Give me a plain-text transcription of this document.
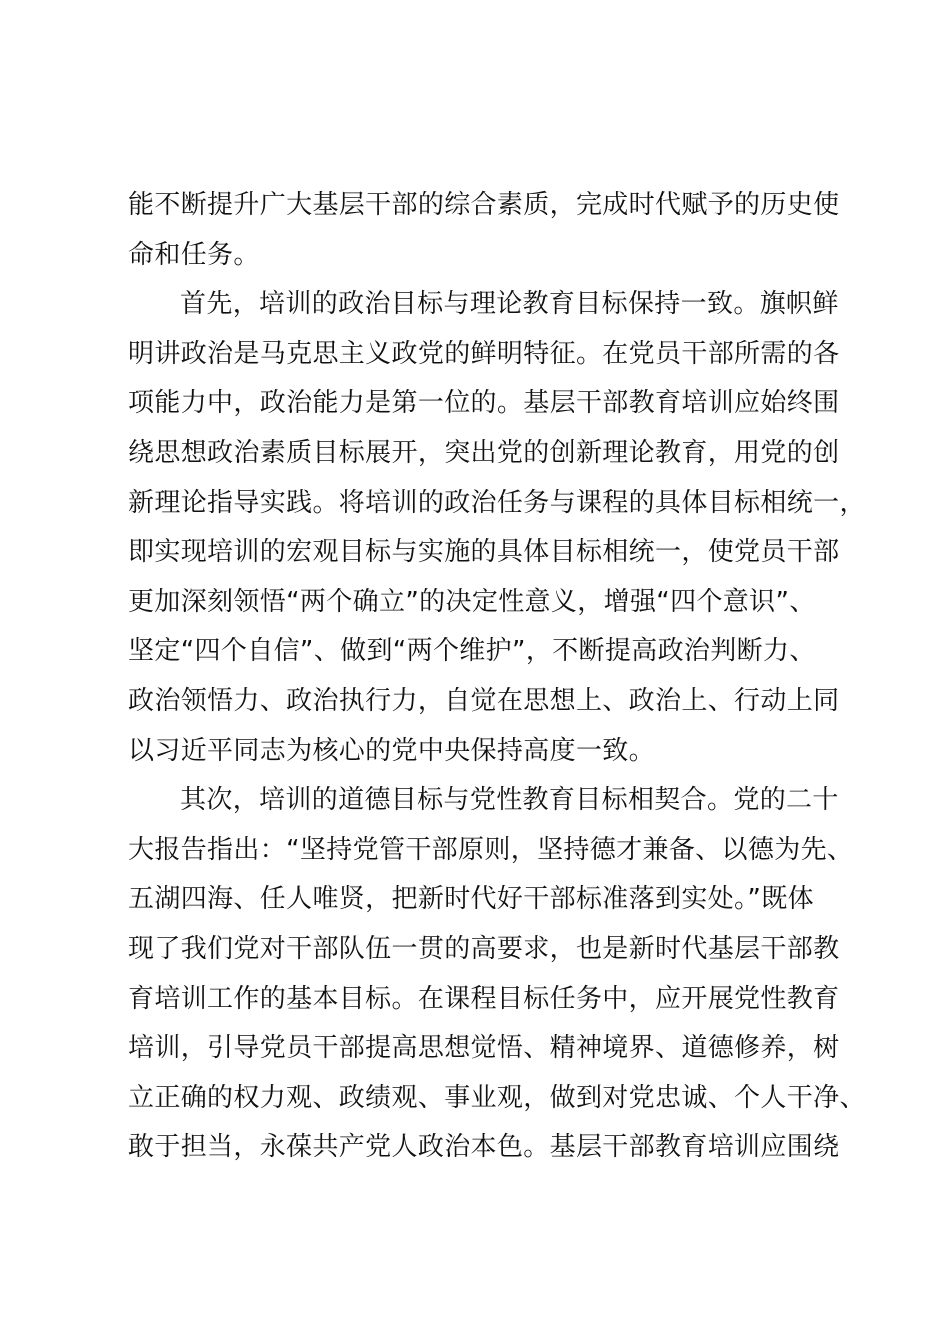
能不断提升广大基层干部的综合素质，完成时代赋予的历史使
命和任务。
首先，培训的政治目标与理论教育目标保持一致。旗帜鲜
明讲政治是马克思主义政党的鲜明特征。在党员干部所需的各
项能力中，政治能力是第一位的。基层干部教育培训应始终围
绕思想政治素质目标展开，突出党的创新理论教育，用党的创
新理论指导实践。将培训的政治任务与课程的具体目标相统一，
即实现培训的宏观目标与实施的具体目标相统一，使党员干部
更加深刻领悟“两个确立”的决定性意义，增强“四个意识”、
坚定“四个自信”、做到“两个维护”，不断提高政治判断力、
政治领悟力、政治执行力，自觉在思想上、政治上、行动上同
以习近平同志为核心的党中央保持高度一致。
其次，培训的道德目标与党性教育目标相契合。党的二十
大报告指出：“坚持党管干部原则，坚持德才兼备、以德为先、
五湖四海、任人唯贤，把新时代好干部标准落到实处。”既体
现了我们党对干部队伍一贯的高要求，也是新时代基层干部教
育培训工作的基本目标。在课程目标任务中，应开展党性教育
培训，引导党员干部提高思想觉悟、精神境界、道德修养，树
立正确的权力观、政绩观、事业观，做到对党忠诚、个人干净、
敢于担当，永葆共产党人政治本色。基层干部教育培训应围绕
